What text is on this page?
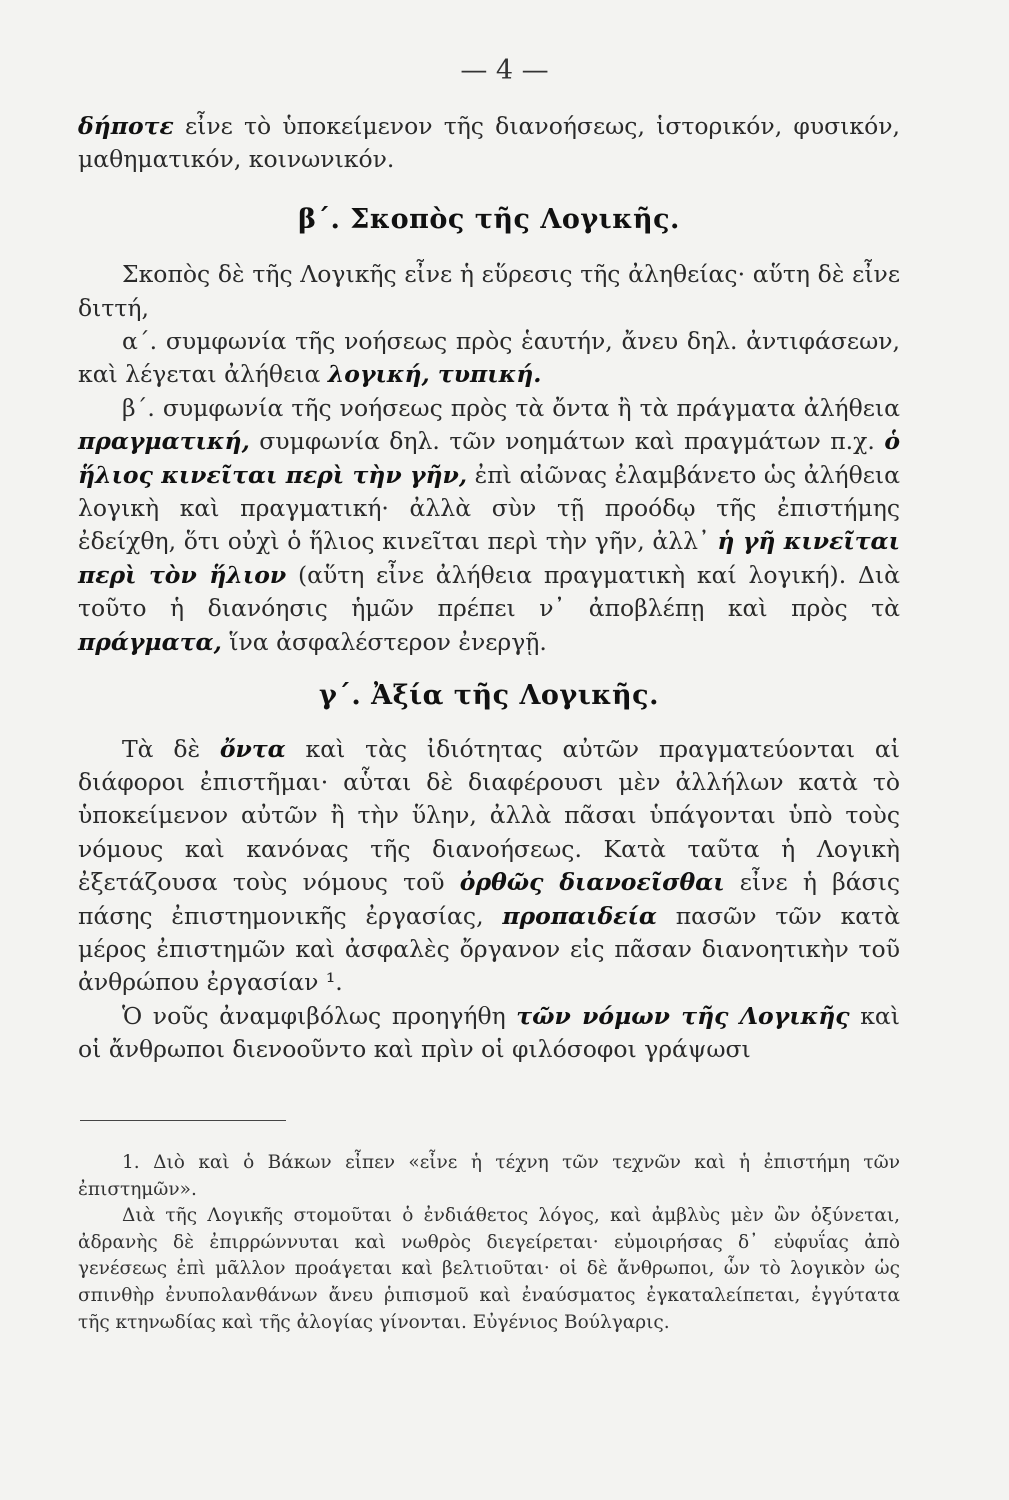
— 4 —

δήποτε εἶνε τὸ ὑποκείμενον τῆς διανοήσεως, ἱστορικόν, φυσικόν, μαθηματικόν, κοινωνικόν.

β΄. Σκοπὸς τῆς Λογικῆς.

Σκοπὸς δὲ τῆς Λογικῆς εἶνε ἡ εὕρεσις τῆς ἀληθείας· αὕτη δὲ εἶνε διττή,

α΄. συμφωνία τῆς νοήσεως πρὸς ἑαυτήν, ἄνευ δηλ. ἀντιφάσεων, καὶ λέγεται ἀλήθεια λογική, τυπική.

β΄. συμφωνία τῆς νοήσεως πρὸς τὰ ὄντα ἢ τὰ πράγματα ἀλήθεια πραγματική, συμφωνία δηλ. τῶν νοημάτων καὶ πραγμάτων π.χ. ὁ ἥλιος κινεῖται περὶ τὴν γῆν, ἐπὶ αἰῶνας ἐλαμβάνετο ὡς ἀλήθεια λογικὴ καὶ πραγματική· ἀλλὰ σὺν τῇ προόδῳ τῆς ἐπιστήμης ἐδείχθη, ὅτι οὐχὶ ὁ ἥλιος κινεῖται περὶ τὴν γῆν, ἀλλ᾽ ἡ γῆ κινεῖται περὶ τὸν ἥλιον (αὕτη εἶνε ἀλήθεια πραγματικὴ καί λογική). Διὰ τοῦτο ἡ διανόησις ἡμῶν πρέπει ν᾽ ἀποβλέπῃ καὶ πρὸς τὰ πράγματα, ἵνα ἀσφαλέστερον ἐνεργῇ.

γ΄. Ἀξία τῆς Λογικῆς.

Τὰ δὲ ὄντα καὶ τὰς ἰδιότητας αὐτῶν πραγματεύονται αἱ διάφοροι ἐπιστῆμαι· αὗται δὲ διαφέρουσι μὲν ἀλλήλων κατὰ τὸ ὑποκείμενον αὐτῶν ἢ τὴν ὕλην, ἀλλὰ πᾶσαι ὑπάγονται ὑπὸ τοὺς νόμους καὶ κανόνας τῆς διανοήσεως. Κατὰ ταῦτα ἡ Λογικὴ ἐξετάζουσα τοὺς νόμους τοῦ ὀρθῶς διανοεῖσθαι εἶνε ἡ βάσις πάσης ἐπιστημονικῆς ἐργασίας, προπαιδεία πασῶν τῶν κατὰ μέρος ἐπιστημῶν καὶ ἀσφαλὲς ὄργανον εἰς πᾶσαν διανοητικὴν τοῦ ἀνθρώπου ἐργασίαν ¹.

Ὁ νοῦς ἀναμφιβόλως προηγήθη τῶν νόμων τῆς Λογικῆς καὶ οἱ ἄνθρωποι διενοοῦντο καὶ πρὶν οἱ φιλόσοφοι γράψωσι

1. Διὸ καὶ ὁ Βάκων εἶπεν «εἶνε ἡ τέχνη τῶν τεχνῶν καὶ ἡ ἐπιστήμη τῶν ἐπιστημῶν».

Διὰ τῆς Λογικῆς στομοῦται ὁ ἐνδιάθετος λόγος, καὶ ἀμβλὺς μὲν ὢν ὀξύνεται, ἀδρανὴς δὲ ἐπιρρώννυται καὶ νωθρὸς διεγείρεται· εὐμοιρήσας δ᾽ εὐφυΐας ἀπὸ γενέσεως ἐπὶ μᾶλλον προάγεται καὶ βελτιοῦται· οἱ δὲ ἄνθρωποι, ὧν τὸ λογικὸν ὡς σπινθὴρ ἐνυπολανθάνων ἄνευ ῥιπισμοῦ καὶ ἐναύσματος ἐγκαταλείπεται, ἐγγύτατα τῆς κτηνωδίας καὶ τῆς ἀλογίας γίνονται. Εὐγένιος Βούλγαρις.
